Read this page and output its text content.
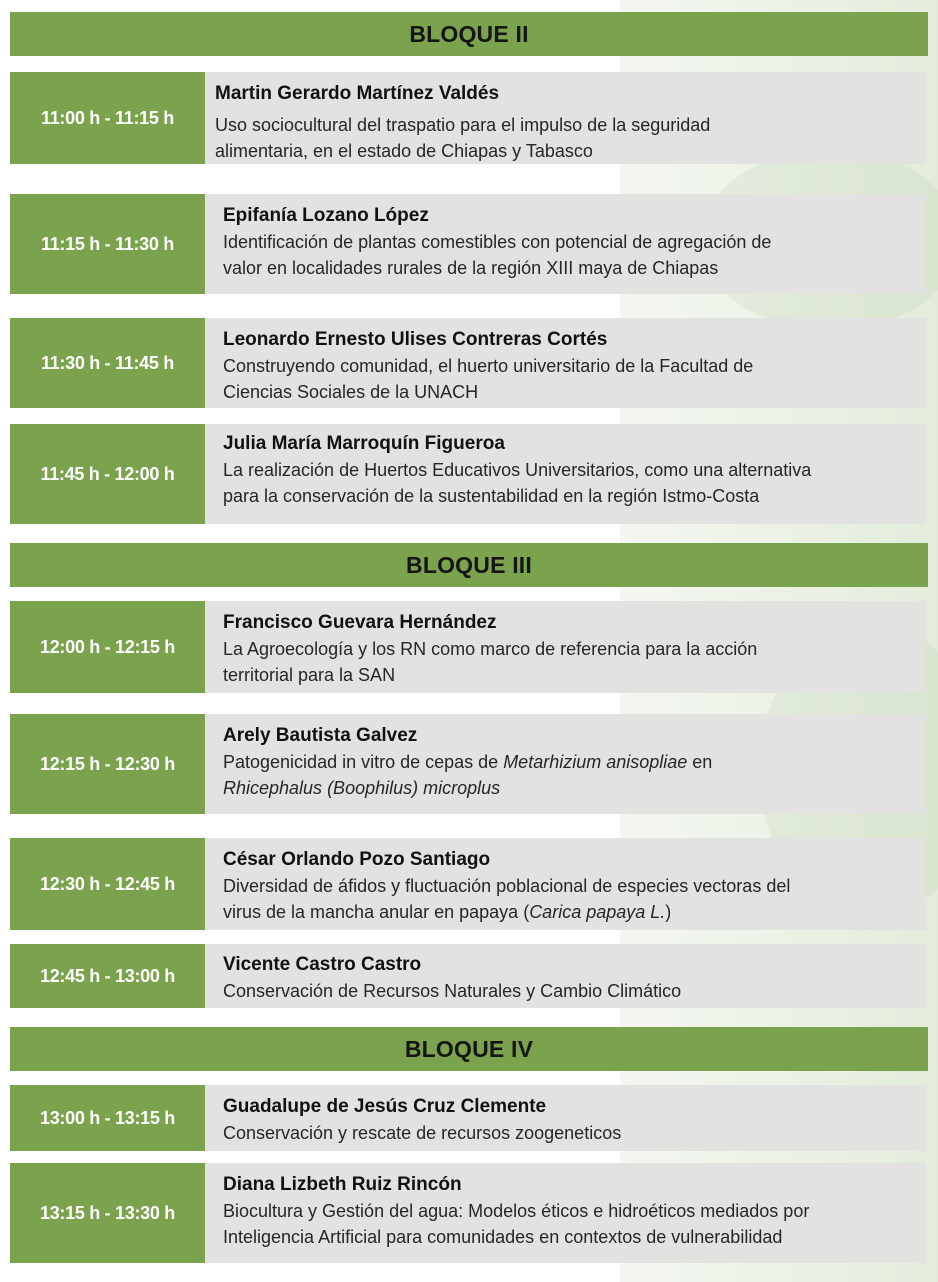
BLOQUE II
BLOQUE III
BLOQUE IV
11:00 h - 11:15 h
Martin Gerardo Martínez Valdés
Uso sociocultural del traspatio para el impulso de la seguridad
alimentaria, en el estado de Chiapas y Tabasco
11:15 h - 11:30 h
Epifanía Lozano López
Identificación de plantas comestibles con potencial de agregación de
valor en localidades rurales de la región XIII maya de Chiapas
11:30 h - 11:45 h
Leonardo Ernesto Ulises Contreras Cortés
Construyendo comunidad, el huerto universitario de la Facultad de
Ciencias Sociales de la UNACH
11:45 h - 12:00 h
Julia María Marroquín Figueroa
La realización de Huertos Educativos Universitarios, como una alternativa
para la conservación de la sustentabilidad en la región Istmo-Costa
12:00 h - 12:15 h
Francisco Guevara Hernández
La Agroecología y los RN como marco de referencia para la acción
territorial para la SAN
12:15 h - 12:30 h
Arely Bautista Galvez
Patogenicidad in vitro de cepas de Metarhizium anisopliae en
Rhicephalus (Boophilus) microplus
12:30 h - 12:45 h
César Orlando Pozo Santiago
Diversidad de áfidos y fluctuación poblacional de especies vectoras del
virus de la mancha anular en papaya (Carica papaya L.)
12:45 h - 13:00 h
Vicente Castro Castro
Conservación de Recursos Naturales y Cambio Climático
13:00 h - 13:15 h
Guadalupe de Jesús Cruz Clemente
Conservación y rescate de recursos zoogeneticos
13:15 h - 13:30 h
Diana Lizbeth Ruiz Rincón
Biocultura y Gestión del agua: Modelos éticos e hidroéticos mediados por
Inteligencia Artificial para comunidades en contextos de vulnerabilidad
